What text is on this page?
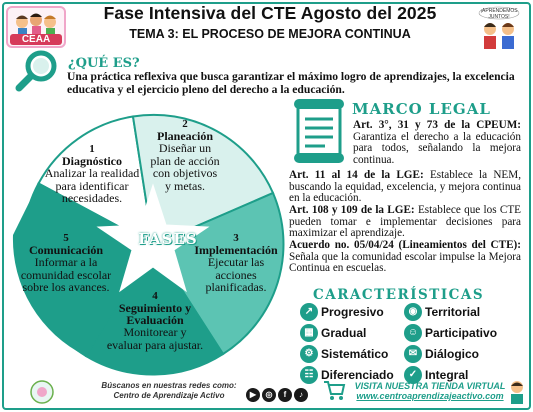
CEAA
Fase Intensiva del CTE Agosto del 2025
TEMA 3: EL PROCESO DE MEJORA CONTINUA
¡APRENDEMOS JUNTOS!
¿QUÉ ES?
Una práctica reflexiva que busca garantizar el máximo logro de aprendizajes, la excelencia educativa y el ejercicio pleno del derecho a la educación.
FASES
1
Diagnóstico
Analizar la realidad para identificar necesidades.
2
Planeación
Diseñar un plan de acción con objetivos y metas.
3
Implementación
Ejecutar las acciones planificadas.
4
Seguimiento y Evaluación
Monitorear y evaluar para ajustar.
5
Comunicación
Informar a la comunidad escolar sobre los avances.
MARCO LEGAL
Art. 3°, 31 y 73 de la CPEUM: Garantiza el derecho a la educación para todos, señalando la mejora continua.
Art. 11 al 14 de la LGE: Establece la NEM, buscando la equidad, excelencia, y mejora continua en la educación.
Art. 108 y 109 de la LGE: Establece que los CTE pueden tomar e implementar decisiones para maximizar el aprendizaje.
Acuerdo no. 05/04/24 (Lineamientos del CTE): Señala que la comunidad escolar impulse la Mejora Continua en escuelas.
CARACTERÍSTICAS
↗ Progresivo	◉ Territorial
▦ Gradual	☺ Participativo
⚙ Sistemático	✉ Diálogico
☷ Diferenciado	✓ Integral
Búscanos en nuestras redes como:
Centro de Aprendizaje Activo	▶	◎	f	♪
VISITA NUESTRA TIENDA VIRTUAL
www.centroaprendizajeactivo.com
